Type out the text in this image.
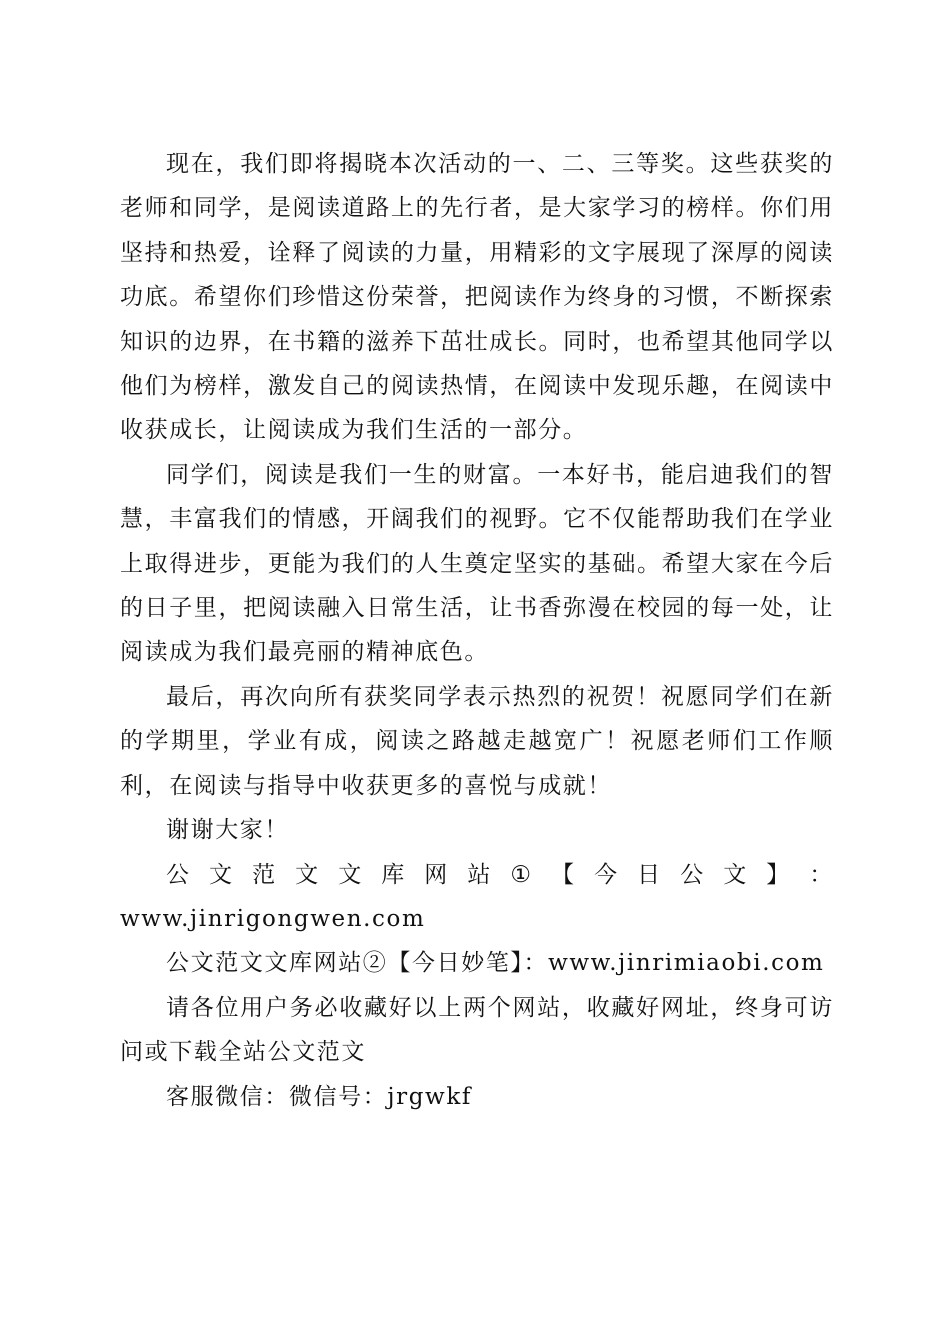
现在，我们即将揭晓本次活动的一、二、三等奖。这些获奖的老师和同学，是阅读道路上的先行者，是大家学习的榜样。你们用坚持和热爱，诠释了阅读的力量，用精彩的文字展现了深厚的阅读功底。希望你们珍惜这份荣誉，把阅读作为终身的习惯，不断探索知识的边界，在书籍的滋养下茁壮成长。同时，也希望其他同学以他们为榜样，激发自己的阅读热情，在阅读中发现乐趣，在阅读中收获成长，让阅读成为我们生活的一部分。

同学们，阅读是我们一生的财富。一本好书，能启迪我们的智慧，丰富我们的情感，开阔我们的视野。它不仅能帮助我们在学业上取得进步，更能为我们的人生奠定坚实的基础。希望大家在今后的日子里，把阅读融入日常生活，让书香弥漫在校园的每一处，让阅读成为我们最亮丽的精神底色。

最后，再次向所有获奖同学表示热烈的祝贺！祝愿同学们在新的学期里，学业有成，阅读之路越走越宽广！祝愿老师们工作顺利，在阅读与指导中收获更多的喜悦与成就！

谢谢大家！

公 文 范 文 文 库 网 站 ① 【 今 日 公 文 】 ：

www.jinrigongwen.com

公文范文文库网站②【今日妙笔】：www.jinrimiaobi.com

请各位用户务必收藏好以上两个网站，收藏好网址，终身可访问或下载全站公文范文

客服微信：微信号：jrgwkf
